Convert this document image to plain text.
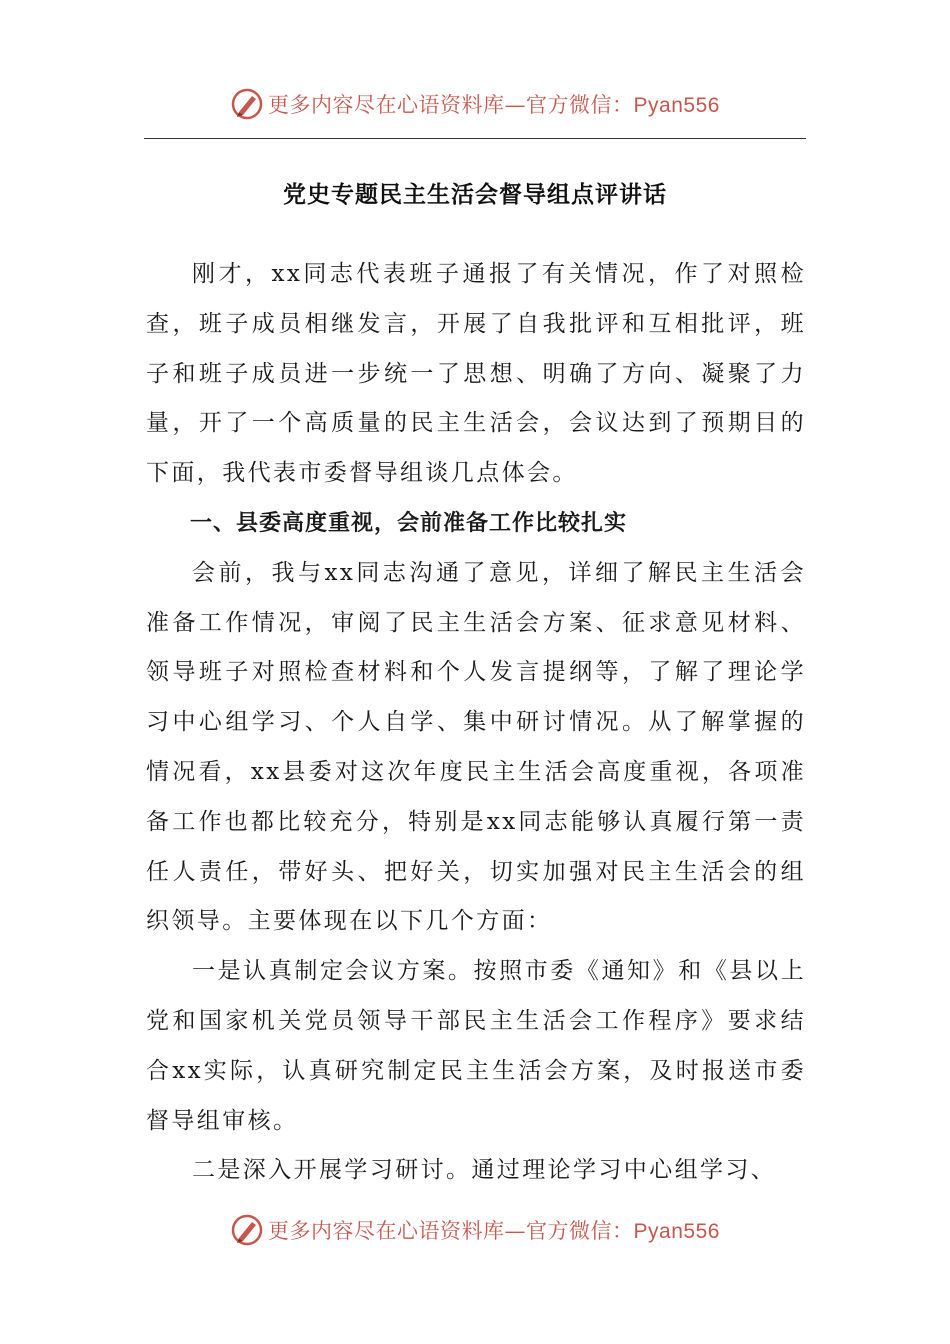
更多内容尽在心语资料库—官方微信：Pyan556
党史专题民主生活会督导组点评讲话

刚才，xx同志代表班子通报了有关情况，作了对照检查，班子成员相继发言，开展了自我批评和互相批评，班子和班子成员进一步统一了思想、明确了方向、凝聚了力量，开了一个高质量的民主生活会，会议达到了预期目的下面，我代表市委督导组谈几点体会。

一、县委高度重视，会前准备工作比较扎实

会前，我与xx同志沟通了意见，详细了解民主生活会准备工作情况，审阅了民主生活会方案、征求意见材料、领导班子对照检查材料和个人发言提纲等，了解了理论学习中心组学习、个人自学、集中研讨情况。从了解掌握的情况看，xx县委对这次年度民主生活会高度重视，各项准备工作也都比较充分，特别是xx同志能够认真履行第一责任人责任，带好头、把好关，切实加强对民主生活会的组织领导。主要体现在以下几个方面：

一是认真制定会议方案。按照市委《通知》和《县以上党和国家机关党员领导干部民主生活会工作程序》要求结合xx实际，认真研究制定民主生活会方案，及时报送市委督导组审核。

二是深入开展学习研讨。通过理论学习中心组学习、

更多内容尽在心语资料库—官方微信：Pyan556
